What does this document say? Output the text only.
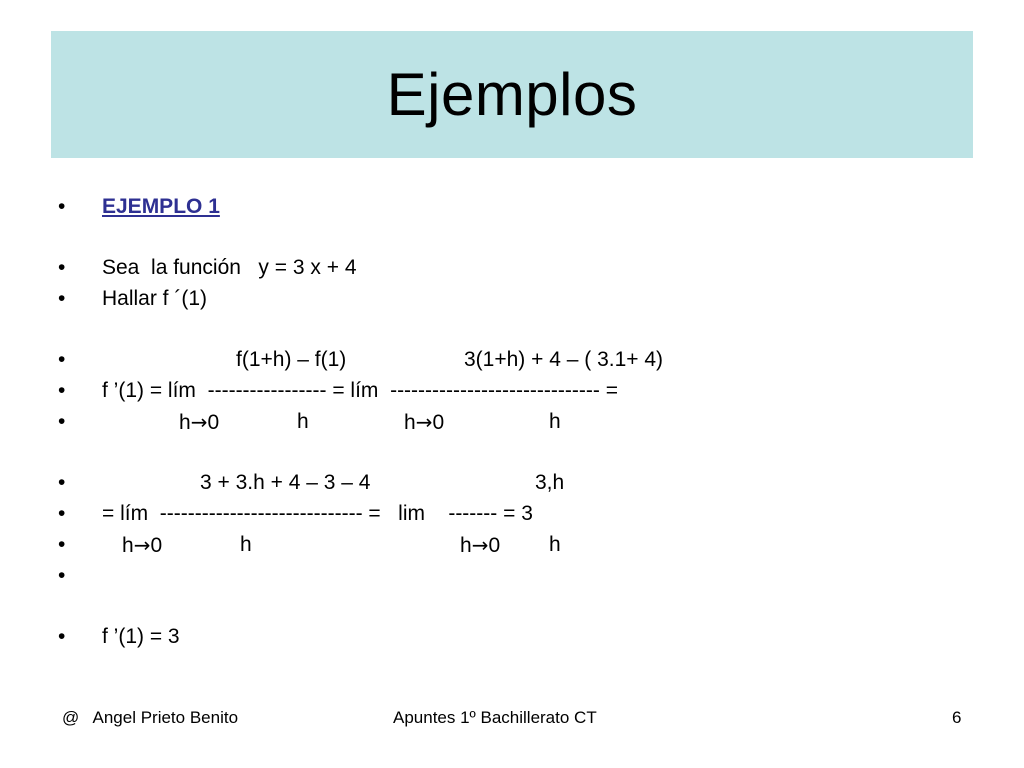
Ejemplos

•

	EJEMPLO 1

•

	Sea  la función   y = 3 x + 4

•

	Hallar f ´(1)

•

	f(1+h) – f(1)

	3(1+h) + 4 – ( 3.1+ 4)

•

	f ’(1) = lím  ----------------- = lím  ------------------------------ =

•

	h→0

	h

	h→0

	h

•

	3 + 3.h + 4 – 3 – 4

	3,h

•

	= lím  ----------------------------- =   lim    ------- = 3

•

	h→0

	h

	h→0

h

•

•

	f ’(1) = 3

@   Angel Prieto Benito	Apuntes 1º Bachillerato CT	6
